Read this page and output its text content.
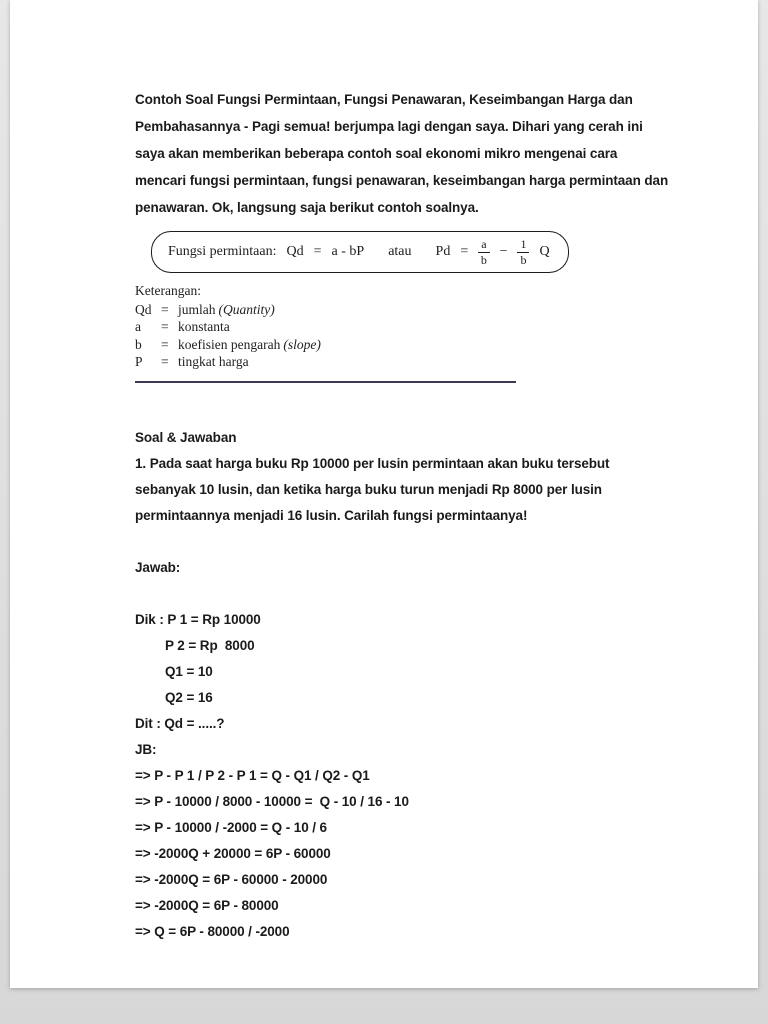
Contoh Soal Fungsi Permintaan, Fungsi Penawaran, Keseimbangan Harga dan Pembahasannya - Pagi semua! berjumpa lagi dengan saya. Dihari yang cerah ini saya akan memberikan beberapa contoh soal ekonomi mikro mengenai cara mencari fungsi permintaan, fungsi penawaran, keseimbangan harga permintaan dan penawaran. Ok, langsung saja berikut contoh soalnya.

Fungsi permintaan: Qd = a - bP atau $Pd = \frac{a}{b} - \frac{1}{b}$ Q
Keterangan:
Qd = jumlah (Quantity)
a	= konstanta
b	= koefisien pengarah (slope)
P	= tingkat harga
Soal & Jawaban

1. Pada saat harga buku Rp 10000 per lusin permintaan akan buku tersebut sebanyak 10 lusin, dan ketika harga buku turun menjadi Rp 8000 per lusin permintaannya menjadi 16 lusin. Carilah fungsi permintaanya!

Jawab:

Dik : P 1 = Rp 10000
P 2 = Rp  8000
Q1 = 10
Q2 = 16
Dit : Qd = .....?
JB:
=> P - P 1 / P 2 - P 1 = Q - Q1 / Q2 - Q1
=> P - 10000 / 8000 - 10000 =  Q - 10 / 16 - 10
=> P - 10000 / -2000 = Q - 10 / 6
=> -2000Q + 20000 = 6P - 60000
=> -2000Q = 6P - 60000 - 20000
=> -2000Q = 6P - 80000
=> Q = 6P - 80000 / -2000
